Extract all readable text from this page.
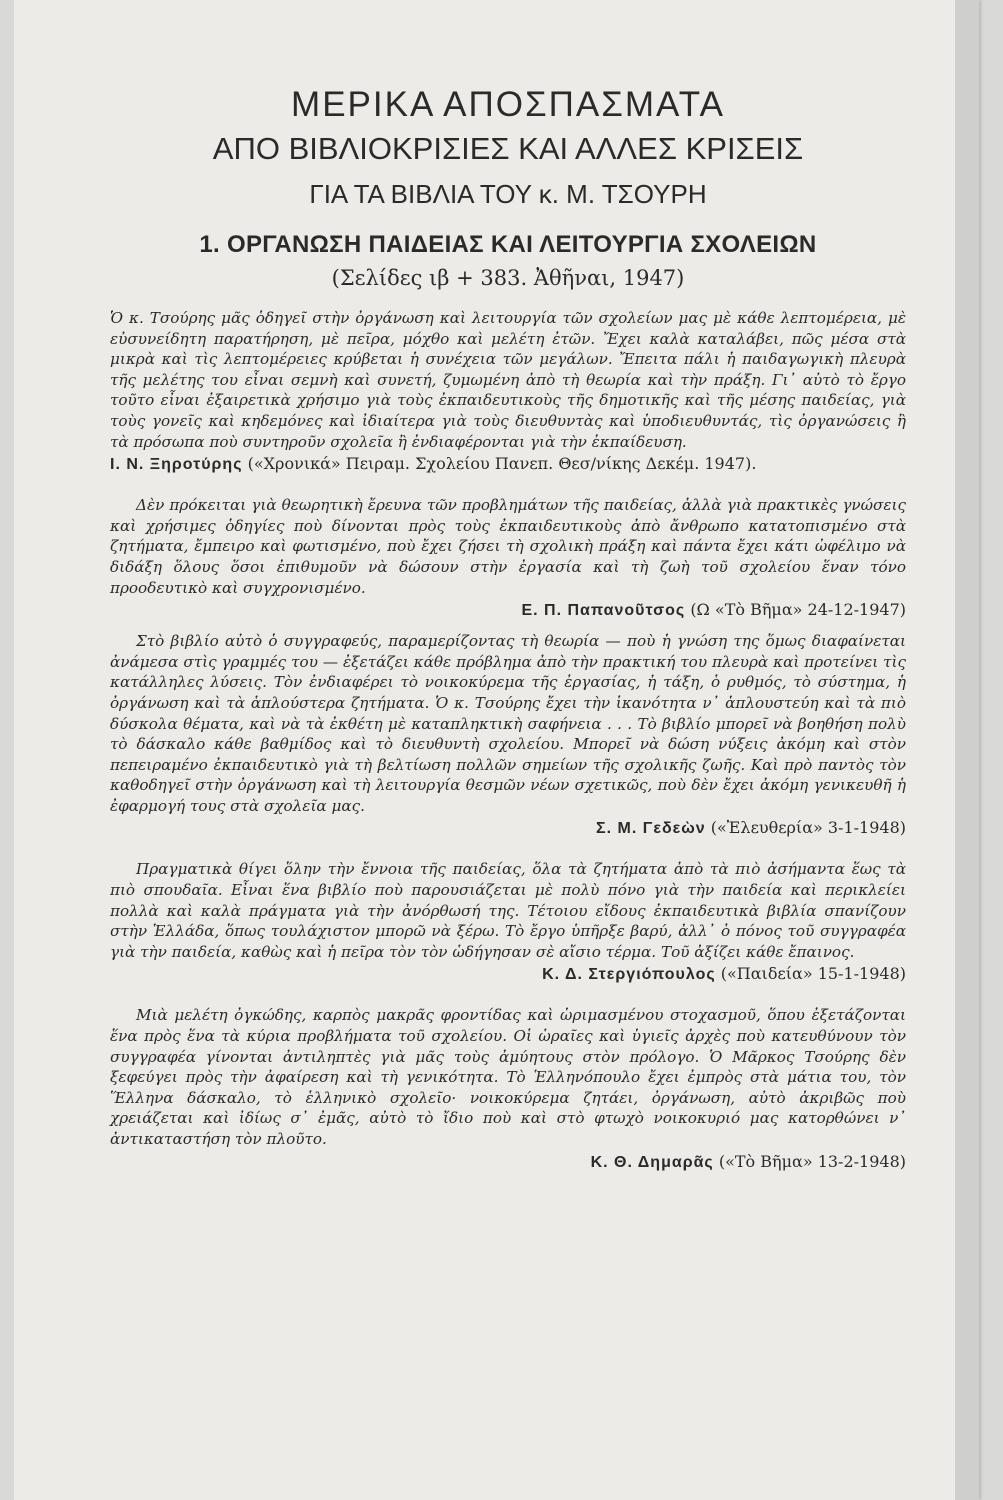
ΜΕΡΙΚΑ ΑΠΟΣΠΑΣΜΑΤΑ
ΑΠΟ ΒΙΒΛΙΟΚΡΙΣΙΕΣ ΚΑΙ ΑΛΛΕΣ ΚΡΙΣΕΙΣ
ΓΙΑ ΤΑ ΒΙΒΛΙΑ ΤΟΥ κ. Μ. ΤΣΟΥΡΗ
1. ΟΡΓΑΝΩΣΗ ΠΑΙΔΕΙΑΣ ΚΑΙ ΛΕΙΤΟΥΡΓΙΑ ΣΧΟΛΕΙΩΝ
(Σελίδες ιβ + 383. Ἀθῆναι, 1947)

Ὁ κ. Τσούρης μᾶς ὁδηγεῖ στὴν ὀργάνωση καὶ λειτουργία τῶν σχολείων μας μὲ κάθε λεπτομέρεια, μὲ εὐσυνείδητη παρατήρηση, μὲ πεῖρα, μόχθο καὶ μελέτη ἐτῶν. Ἔχει καλὰ καταλάβει, πῶς μέσα στὰ μικρὰ καὶ τὶς λεπτομέρειες κρύβεται ἡ συνέχεια τῶν μεγάλων. Ἔπειτα πάλι ἡ παιδαγωγικὴ πλευρὰ τῆς μελέτης του εἶναι σεμνὴ καὶ συνετή, ζυμωμένη ἀπὸ τὴ θεωρία καὶ τὴν πράξη. Γι᾽ αὐτὸ τὸ ἔργο τοῦτο εἶναι ἐξαιρετικὰ χρήσιμο γιὰ τοὺς ἐκπαιδευτικοὺς τῆς δημοτικῆς καὶ τῆς μέσης παιδείας, γιὰ τοὺς γονεῖς καὶ κηδεμόνες καὶ ἰδιαίτερα γιὰ τοὺς διευθυντὰς καὶ ὑποδιευθυντάς, τὶς ὀργανώσεις ἢ τὰ πρόσωπα ποὺ συντηροῦν σχολεῖα ἢ ἐνδιαφέρονται γιὰ τὴν ἐκπαίδευση.

Ι. Ν. Ξηροτύρης («Χρονικά» Πειραμ. Σχολείου Πανεπ. Θεσ/νίκης Δεκέμ. 1947).

Δὲν πρόκειται γιὰ θεωρητικὴ ἔρευνα τῶν προβλημάτων τῆς παιδείας, ἀλλὰ γιὰ πρακτικὲς γνώσεις καὶ χρήσιμες ὁδηγίες ποὺ δίνονται πρὸς τοὺς ἐκπαιδευτικοὺς ἀπὸ ἄνθρωπο κατατοπισμένο στὰ ζητήματα, ἔμπειρο καὶ φωτισμένο, ποὺ ἔχει ζήσει τὴ σχολικὴ πράξη καὶ πάντα ἔχει κάτι ὠφέλιμο νὰ διδάξη ὅλους ὅσοι ἐπιθυμοῦν νὰ δώσουν στὴν ἐργασία καὶ τὴ ζωὴ τοῦ σχολείου ἕναν τόνο προοδευτικὸ καὶ συγχρονισμένο.

Ε. Π. Παπανοῦτσος (Ω «Τὸ Βῆμα» 24-12-1947)

Στὸ βιβλίο αὐτὸ ὁ συγγραφεύς, παραμερίζοντας τὴ θεωρία — ποὺ ἡ γνώση της ὅμως διαφαίνεται ἀνάμεσα στὶς γραμμές του — ἐξετάζει κάθε πρόβλημα ἀπὸ τὴν πρακτική του πλευρὰ καὶ προτείνει τὶς κατάλληλες λύσεις. Τὸν ἐνδιαφέρει τὸ νοικοκύρεμα τῆς ἐργασίας, ἡ τάξη, ὁ ρυθμός, τὸ σύστημα, ἡ ὀργάνωση καὶ τὰ ἁπλούστερα ζητήματα. Ὁ κ. Τσούρης ἔχει τὴν ἱκανότητα ν᾽ ἁπλουστεύη καὶ τὰ πιὸ δύσκολα θέματα, καὶ νὰ τὰ ἐκθέτη μὲ καταπληκτικὴ σαφήνεια . . . Τὸ βιβλίο μπορεῖ νὰ βοηθήση πολὺ τὸ δάσκαλο κάθε βαθμίδος καὶ τὸ διευθυντὴ σχολείου. Μπορεῖ νὰ δώση νύξεις ἀκόμη καὶ στὸν πεπειραμένο ἐκπαιδευτικὸ γιὰ τὴ βελτίωση πολλῶν σημείων τῆς σχολικῆς ζωῆς. Καὶ πρὸ παντὸς τὸν καθοδηγεῖ στὴν ὀργάνωση καὶ τὴ λειτουργία θεσμῶν νέων σχετικῶς, ποὺ δὲν ἔχει ἀκόμη γενικευθῆ ἡ ἐφαρμογή τους στὰ σχολεῖα μας.

Σ. Μ. Γεδεὼν («Ἐλευθερία» 3-1-1948)

Πραγματικὰ θίγει ὅλην τὴν ἔννοια τῆς παιδείας, ὅλα τὰ ζητήματα ἀπὸ τὰ πιὸ ἀσήμαντα ἕως τὰ πιὸ σπουδαῖα. Εἶναι ἕνα βιβλίο ποὺ παρουσιάζεται μὲ πολὺ πόνο γιὰ τὴν παιδεία καὶ περικλείει πολλὰ καὶ καλὰ πράγματα γιὰ τὴν ἀνόρθωσή της. Τέτοιου εἴδους ἐκπαιδευτικὰ βιβλία σπανίζουν στὴν Ἑλλάδα, ὅπως τουλάχιστον μπορῶ νὰ ξέρω. Τὸ ἔργο ὑπῆρξε βαρύ, ἀλλ᾽ ὁ πόνος τοῦ συγγραφέα γιὰ τὴν παιδεία, καθὼς καὶ ἡ πεῖρα τὸν τὸν ὡδήγησαν σὲ αἴσιο τέρμα. Τοῦ ἀξίζει κάθε ἔπαινος.

Κ. Δ. Στεργιόπουλος («Παιδεία» 15-1-1948)

Μιὰ μελέτη ὀγκώδης, καρπὸς μακρᾶς φροντίδας καὶ ὡριμασμένου στοχασμοῦ, ὅπου ἐξετάζονται ἕνα πρὸς ἕνα τὰ κύρια προβλήματα τοῦ σχολείου. Οἱ ὡραῖες καὶ ὑγιεῖς ἀρχὲς ποὺ κατευθύνουν τὸν συγγραφέα γίνονται ἀντιληπτὲς γιὰ μᾶς τοὺς ἀμύητους στὸν πρόλογο. Ὁ Μᾶρκος Τσούρης δὲν ξεφεύγει πρὸς τὴν ἀφαίρεση καὶ τὴ γενικότητα. Τὸ Ἑλληνόπουλο ἔχει ἐμπρὸς στὰ μάτια του, τὸν Ἕλληνα δάσκαλο, τὸ ἑλληνικὸ σχολεῖο· νοικοκύρεμα ζητάει, ὀργάνωση, αὐτὸ ἀκριβῶς ποὺ χρειάζεται καὶ ἰδίως σ᾽ ἐμᾶς, αὐτὸ τὸ ἴδιο ποὺ καὶ στὸ φτωχὸ νοικοκυριό μας κατορθώνει ν᾽ ἀντικαταστήση τὸν πλοῦτο.

Κ. Θ. Δημαρᾶς («Τὸ Βῆμα» 13-2-1948)
